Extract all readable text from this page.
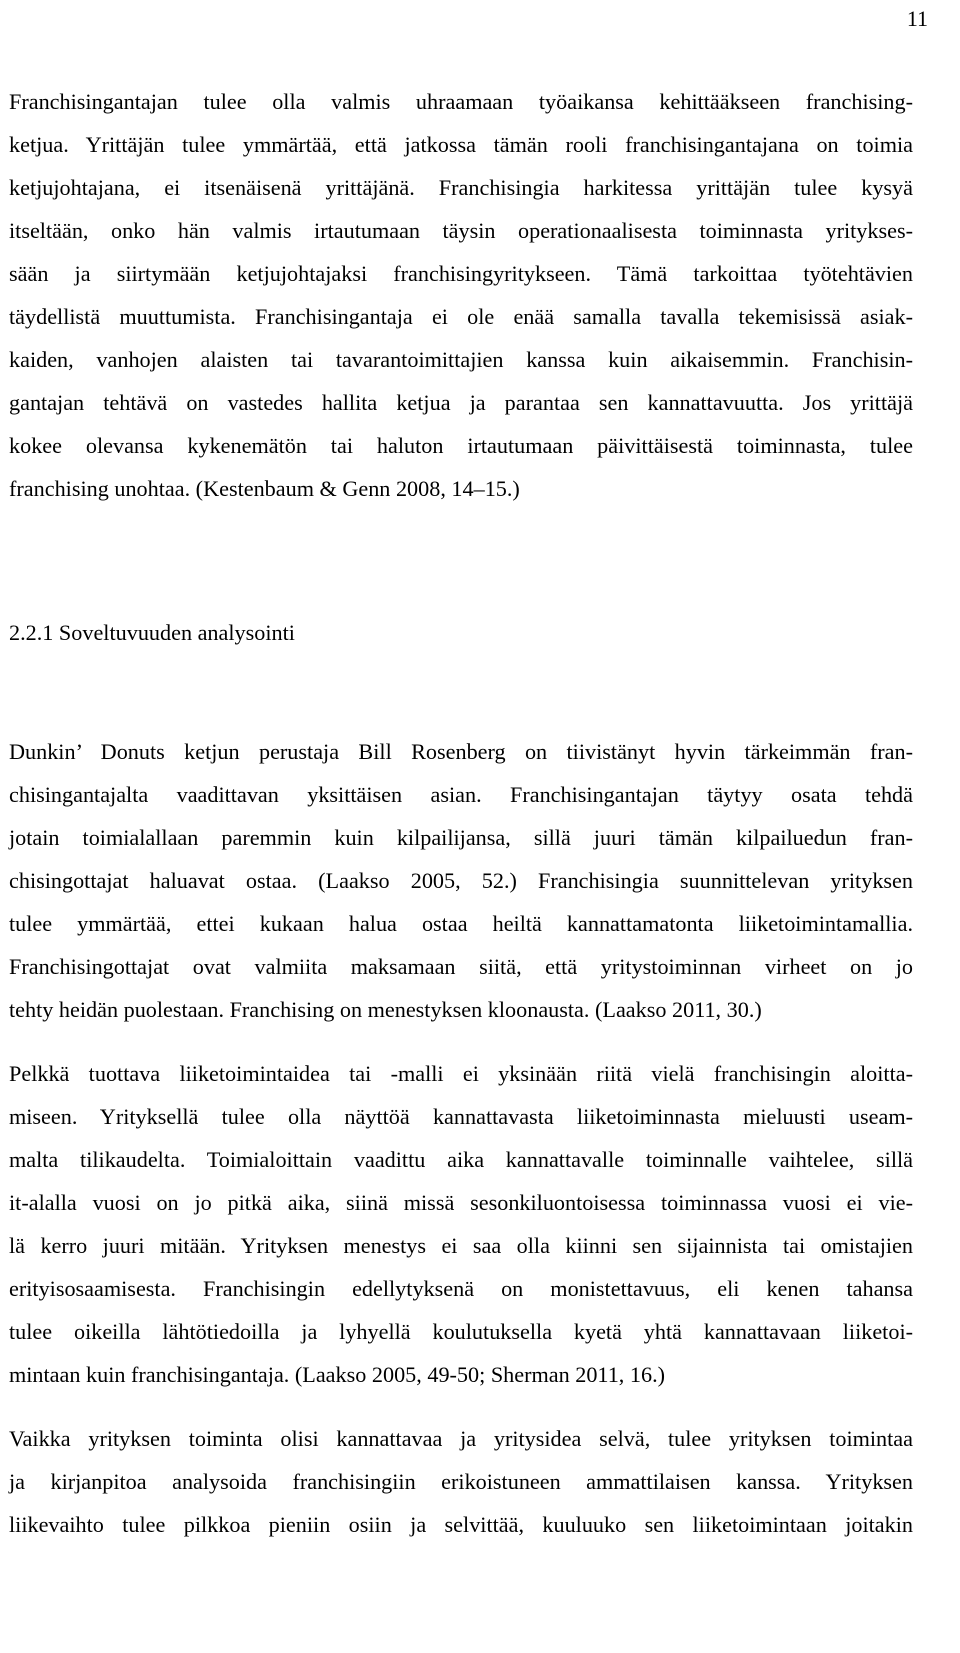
11
Franchisingantajan tulee olla valmis uhraamaan työaikansa kehittääkseen franchising-
ketjua. Yrittäjän tulee ymmärtää, että jatkossa tämän rooli franchisingantajana on toimia
ketjujohtajana, ei itsenäisenä yrittäjänä. Franchisingia harkitessa yrittäjän tulee kysyä
itseltään, onko hän valmis irtautumaan täysin operationaalisesta toiminnasta yritykses-
sään ja siirtymään ketjujohtajaksi franchisingyritykseen. Tämä tarkoittaa työtehtävien
täydellistä muuttumista. Franchisingantaja ei ole enää samalla tavalla tekemisissä asiak-
kaiden, vanhojen alaisten tai tavarantoimittajien kanssa kuin aikaisemmin. Franchisin-
gantajan tehtävä on vastedes hallita ketjua ja parantaa sen kannattavuutta. Jos yrittäjä
kokee olevansa kykenemätön tai haluton irtautumaan päivittäisestä toiminnasta, tulee
franchising unohtaa. (Kestenbaum & Genn 2008, 14–15.)
2.2.1 Soveltuvuuden analysointi
Dunkin’ Donuts ketjun perustaja Bill Rosenberg on tiivistänyt hyvin tärkeimmän fran-
chisingantajalta vaadittavan yksittäisen asian. Franchisingantajan täytyy osata tehdä
jotain toimialallaan paremmin kuin kilpailijansa, sillä juuri tämän kilpailuedun fran-
chisingottajat haluavat ostaa. (Laakso 2005, 52.) Franchisingia suunnittelevan yrityksen
tulee ymmärtää, ettei kukaan halua ostaa heiltä kannattamatonta liiketoimintamallia.
Franchisingottajat ovat valmiita maksamaan siitä, että yritystoiminnan virheet on jo
tehty heidän puolestaan. Franchising on menestyksen kloonausta. (Laakso 2011, 30.)
Pelkkä tuottava liiketoimintaidea tai -malli ei yksinään riitä vielä franchisingin aloitta-
miseen. Yrityksellä tulee olla näyttöä kannattavasta liiketoiminnasta mieluusti useam-
malta tilikaudelta. Toimialoittain vaadittu aika kannattavalle toiminnalle vaihtelee, sillä
it-alalla vuosi on jo pitkä aika, siinä missä sesonkiluontoisessa toiminnassa vuosi ei vie-
lä kerro juuri mitään. Yrityksen menestys ei saa olla kiinni sen sijainnista tai omistajien
erityisosaamisesta. Franchisingin edellytyksenä on monistettavuus, eli kenen tahansa
tulee oikeilla lähtötiedoilla ja lyhyellä koulutuksella kyetä yhtä kannattavaan liiketoi-
mintaan kuin franchisingantaja. (Laakso 2005, 49-50; Sherman 2011, 16.)
Vaikka yrityksen toiminta olisi kannattavaa ja yritysidea selvä, tulee yrityksen toimintaa
ja kirjanpitoa analysoida franchisingiin erikoistuneen ammattilaisen kanssa. Yrityksen
liikevaihto tulee pilkkoa pieniin osiin ja selvittää, kuuluuko sen liiketoimintaan joitakin
